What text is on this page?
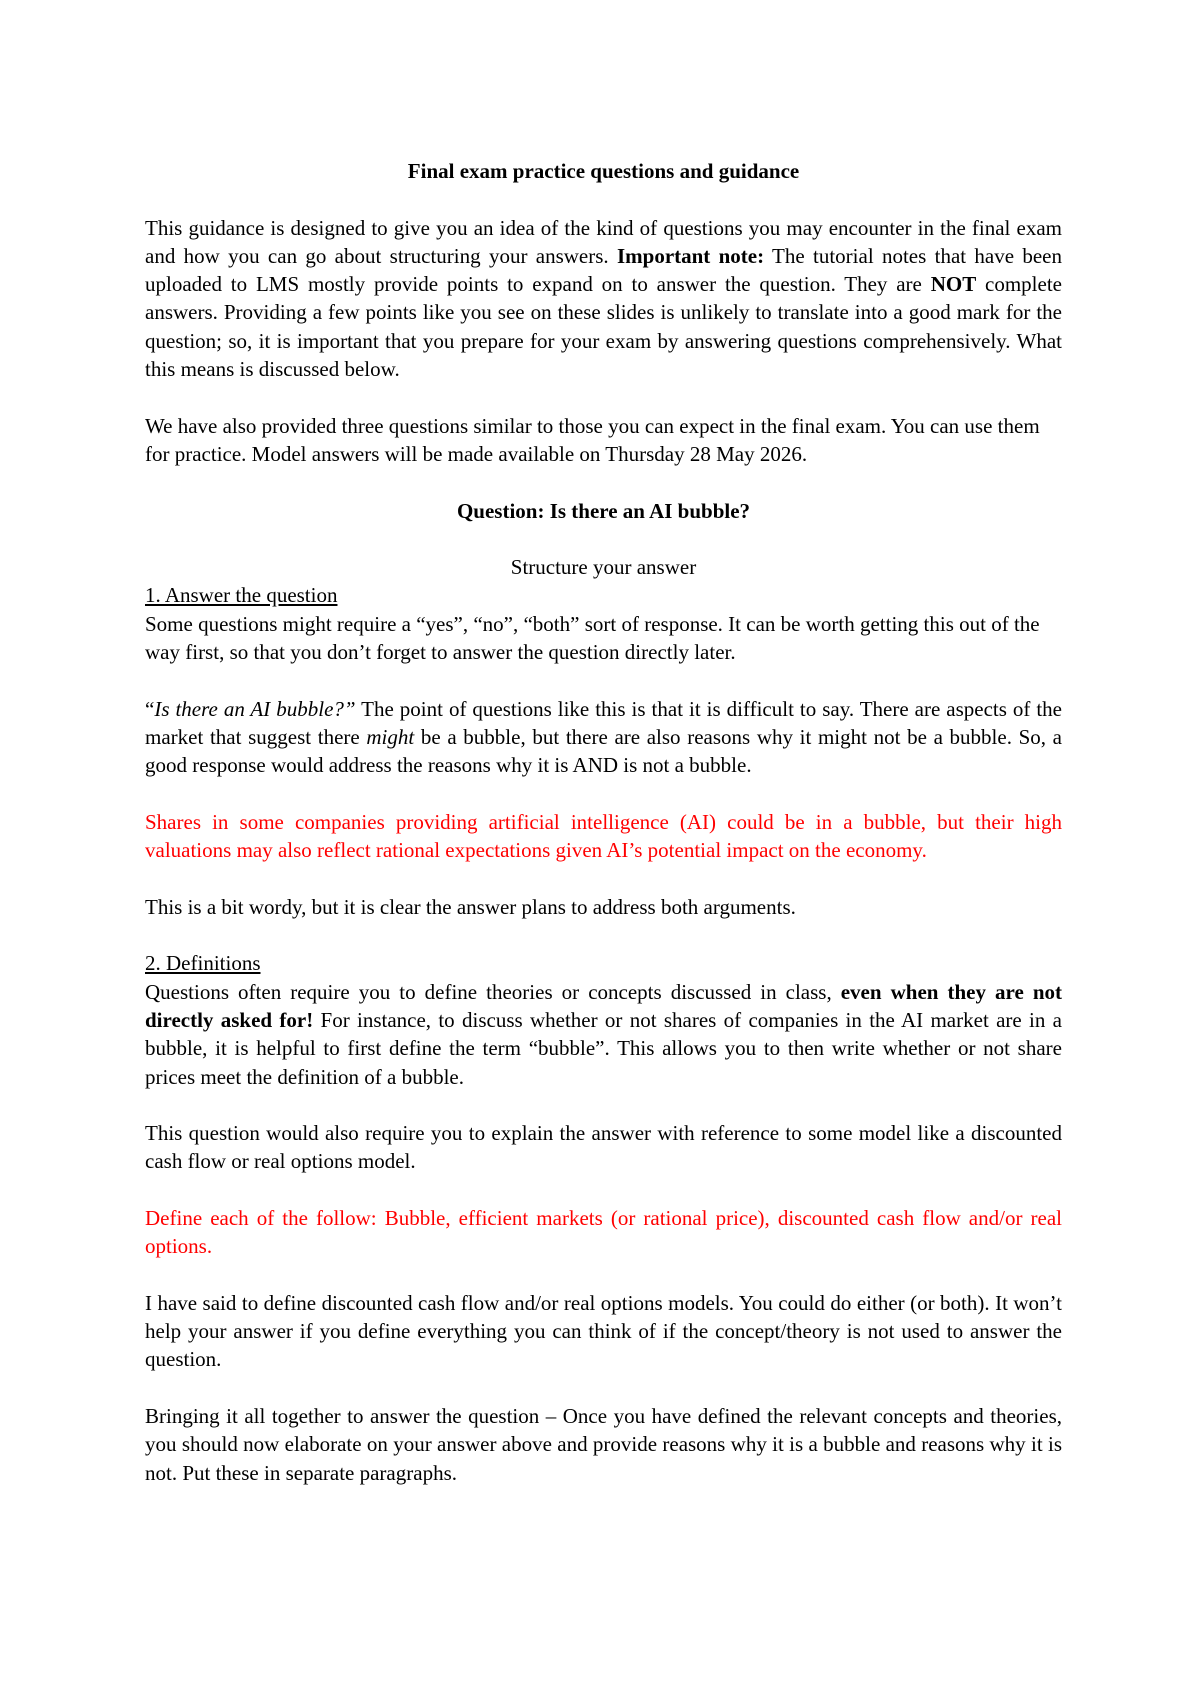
Final exam practice questions and guidance

This guidance is designed to give you an idea of the kind of questions you may encounter in the final exam and how you can go about structuring your answers. Important note: The tutorial notes that have been uploaded to LMS mostly provide points to expand on to answer the question. They are NOT complete answers. Providing a few points like you see on these slides is unlikely to translate into a good mark for the question; so, it is important that you prepare for your exam by answering questions comprehensively. What this means is discussed below.

We have also provided three questions similar to those you can expect in the final exam. You can use them for practice. Model answers will be made available on Thursday 28 May 2026.

Question: Is there an AI bubble?

Structure your answer

1. Answer the question

Some questions might require a “yes”, “no”, “both” sort of response. It can be worth getting this out of the way first, so that you don’t forget to answer the question directly later.

“Is there an AI bubble?” The point of questions like this is that it is difficult to say. There are aspects of the market that suggest there might be a bubble, but there are also reasons why it might not be a bubble. So, a good response would address the reasons why it is AND is not a bubble.

Shares in some companies providing artificial intelligence (AI) could be in a bubble, but their high valuations may also reflect rational expectations given AI’s potential impact on the economy.

This is a bit wordy, but it is clear the answer plans to address both arguments.

2. Definitions

Questions often require you to define theories or concepts discussed in class, even when they are not directly asked for! For instance, to discuss whether or not shares of companies in the AI market are in a bubble, it is helpful to first define the term “bubble”. This allows you to then write whether or not share prices meet the definition of a bubble.

This question would also require you to explain the answer with reference to some model like a discounted cash flow or real options model.

Define each of the follow: Bubble, efficient markets (or rational price), discounted cash flow and/or real options.

I have said to define discounted cash flow and/or real options models. You could do either (or both). It won’t help your answer if you define everything you can think of if the concept/theory is not used to answer the question.

Bringing it all together to answer the question – Once you have defined the relevant concepts and theories, you should now elaborate on your answer above and provide reasons why it is a bubble and reasons why it is not. Put these in separate paragraphs.
